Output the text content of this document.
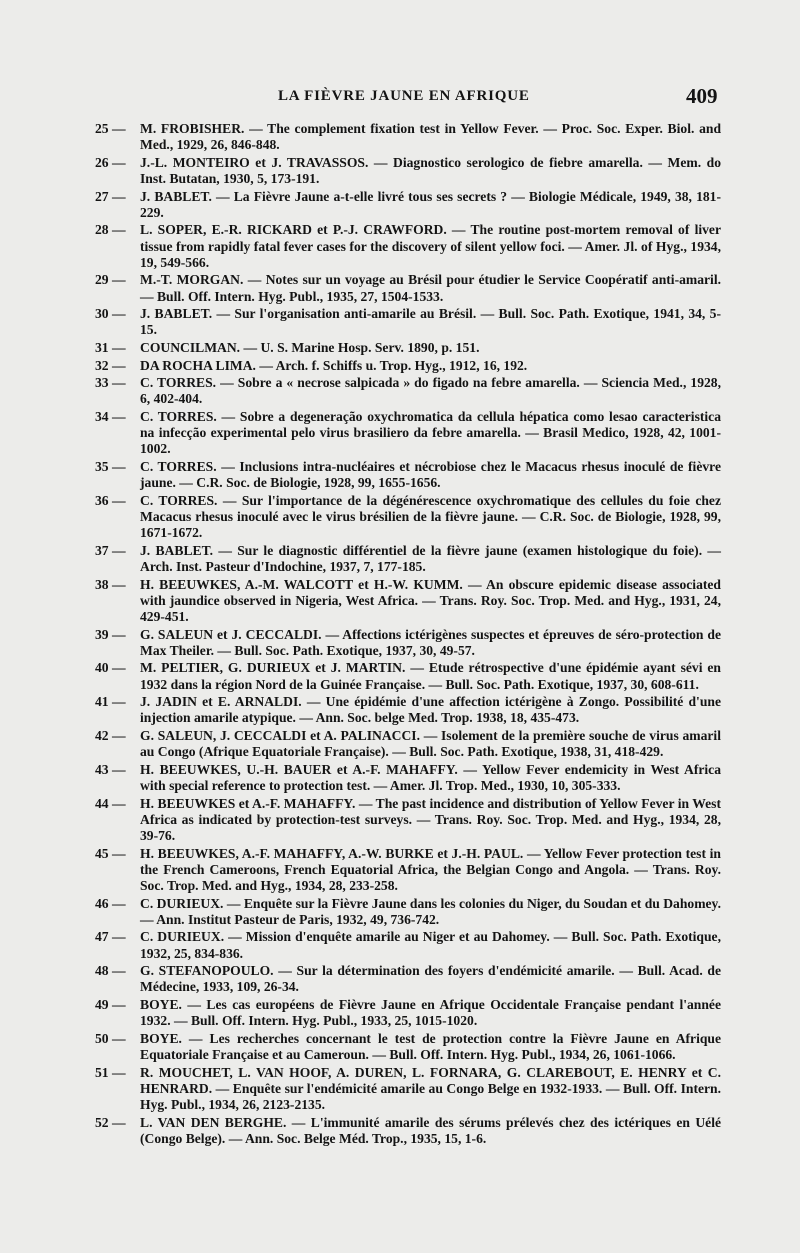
LA FIÈVRE JAUNE EN AFRIQUE	409
25 — M. FROBISHER. — The complement fixation test in Yellow Fever. — Proc. Soc. Exper. Biol. and Med., 1929, 26, 846-848.
26 — J.-L. MONTEIRO et J. TRAVASSOS. — Diagnostico serologico de fiebre amarella. — Mem. do Inst. Butatan, 1930, 5, 173-191.
27 — J. BABLET. — La Fièvre Jaune a-t-elle livré tous ses secrets ? — Biologie Médicale, 1949, 38, 181-229.
28 — L. SOPER, E.-R. RICKARD et P.-J. CRAWFORD. — The routine post-mortem removal of liver tissue from rapidly fatal fever cases for the discovery of silent yellow foci. — Amer. Jl. of Hyg., 1934, 19, 549-566.
29 — M.-T. MORGAN. — Notes sur un voyage au Brésil pour étudier le Service Coopératif anti-amaril. — Bull. Off. Intern. Hyg. Publ., 1935, 27, 1504-1533.
30 — J. BABLET. — Sur l'organisation anti-amarile au Brésil. — Bull. Soc. Path. Exotique, 1941, 34, 5-15.
31 — COUNCILMAN. — U. S. Marine Hosp. Serv. 1890, p. 151.
32 — DA ROCHA LIMA. — Arch. f. Schiffs u. Trop. Hyg., 1912, 16, 192.
33 — C. TORRES. — Sobre a « necrose salpicada » do figado na febre amarella. — Sciencia Med., 1928, 6, 402-404.
34 — C. TORRES. — Sobre a degeneração oxychromatica da cellula hépatica como lesao caracteristica na infecção experimental pelo virus brasiliero da febre amarella. — Brasil Medico, 1928, 42, 1001-1002.
35 — C. TORRES. — Inclusions intra-nucléaires et nécrobiose chez le Macacus rhesus inoculé de fièvre jaune. — C.R. Soc. de Biologie, 1928, 99, 1655-1656.
36 — C. TORRES. — Sur l'importance de la dégénérescence oxychromatique des cellules du foie chez Macacus rhesus inoculé avec le virus brésilien de la fièvre jaune. — C.R. Soc. de Biologie, 1928, 99, 1671-1672.
37 — J. BABLET. — Sur le diagnostic différentiel de la fièvre jaune (examen histologique du foie). — Arch. Inst. Pasteur d'Indochine, 1937, 7, 177-185.
38 — H. BEEUWKES, A.-M. WALCOTT et H.-W. KUMM. — An obscure epidemic disease associated with jaundice observed in Nigeria, West Africa. — Trans. Roy. Soc. Trop. Med. and Hyg., 1931, 24, 429-451.
39 — G. SALEUN et J. CECCALDI. — Affections ictérigènes suspectes et épreuves de séro-protection de Max Theiler. — Bull. Soc. Path. Exotique, 1937, 30, 49-57.
40 — M. PELTIER, G. DURIEUX et J. MARTIN. — Etude rétrospective d'une épidémie ayant sévi en 1932 dans la région Nord de la Guinée Française. — Bull. Soc. Path. Exotique, 1937, 30, 608-611.
41 — J. JADIN et E. ARNALDI. — Une épidémie d'une affection ictérigène à Zongo. Possibilité d'une injection amarile atypique. — Ann. Soc. belge Med. Trop. 1938, 18, 435-473.
42 — G. SALEUN, J. CECCALDI et A. PALINACCI. — Isolement de la première souche de virus amaril au Congo (Afrique Equatoriale Française). — Bull. Soc. Path. Exotique, 1938, 31, 418-429.
43 — H. BEEUWKES, U.-H. BAUER et A.-F. MAHAFFY. — Yellow Fever endemicity in West Africa with special reference to protection test. — Amer. Jl. Trop. Med., 1930, 10, 305-333.
44 — H. BEEUWKES et A.-F. MAHAFFY. — The past incidence and distribution of Yellow Fever in West Africa as indicated by protection-test surveys. — Trans. Roy. Soc. Trop. Med. and Hyg., 1934, 28, 39-76.
45 — H. BEEUWKES, A.-F. MAHAFFY, A.-W. BURKE et J.-H. PAUL. — Yellow Fever protection test in the French Cameroons, French Equatorial Africa, the Belgian Congo and Angola. — Trans. Roy. Soc. Trop. Med. and Hyg., 1934, 28, 233-258.
46 — C. DURIEUX. — Enquête sur la Fièvre Jaune dans les colonies du Niger, du Soudan et du Dahomey. — Ann. Institut Pasteur de Paris, 1932, 49, 736-742.
47 — C. DURIEUX. — Mission d'enquête amarile au Niger et au Dahomey. — Bull. Soc. Path. Exotique, 1932, 25, 834-836.
48 — G. STEFANOPOULO. — Sur la détermination des foyers d'endémicité amarile. — Bull. Acad. de Médecine, 1933, 109, 26-34.
49 — BOYE. — Les cas européens de Fièvre Jaune en Afrique Occidentale Française pendant l'année 1932. — Bull. Off. Intern. Hyg. Publ., 1933, 25, 1015-1020.
50 — BOYE. — Les recherches concernant le test de protection contre la Fièvre Jaune en Afrique Equatoriale Française et au Cameroun. — Bull. Off. Intern. Hyg. Publ., 1934, 26, 1061-1066.
51 — R. MOUCHET, L. VAN HOOF, A. DUREN, L. FORNARA, G. CLAREBOUT, E. HENRY et C. HENRARD. — Enquête sur l'endémicité amarile au Congo Belge en 1932-1933. — Bull. Off. Intern. Hyg. Publ., 1934, 26, 2123-2135.
52 — L. VAN DEN BERGHE. — L'immunité amarile des sérums prélevés chez des ictériques en Uélé (Congo Belge). — Ann. Soc. Belge Méd. Trop., 1935, 15, 1-6.
